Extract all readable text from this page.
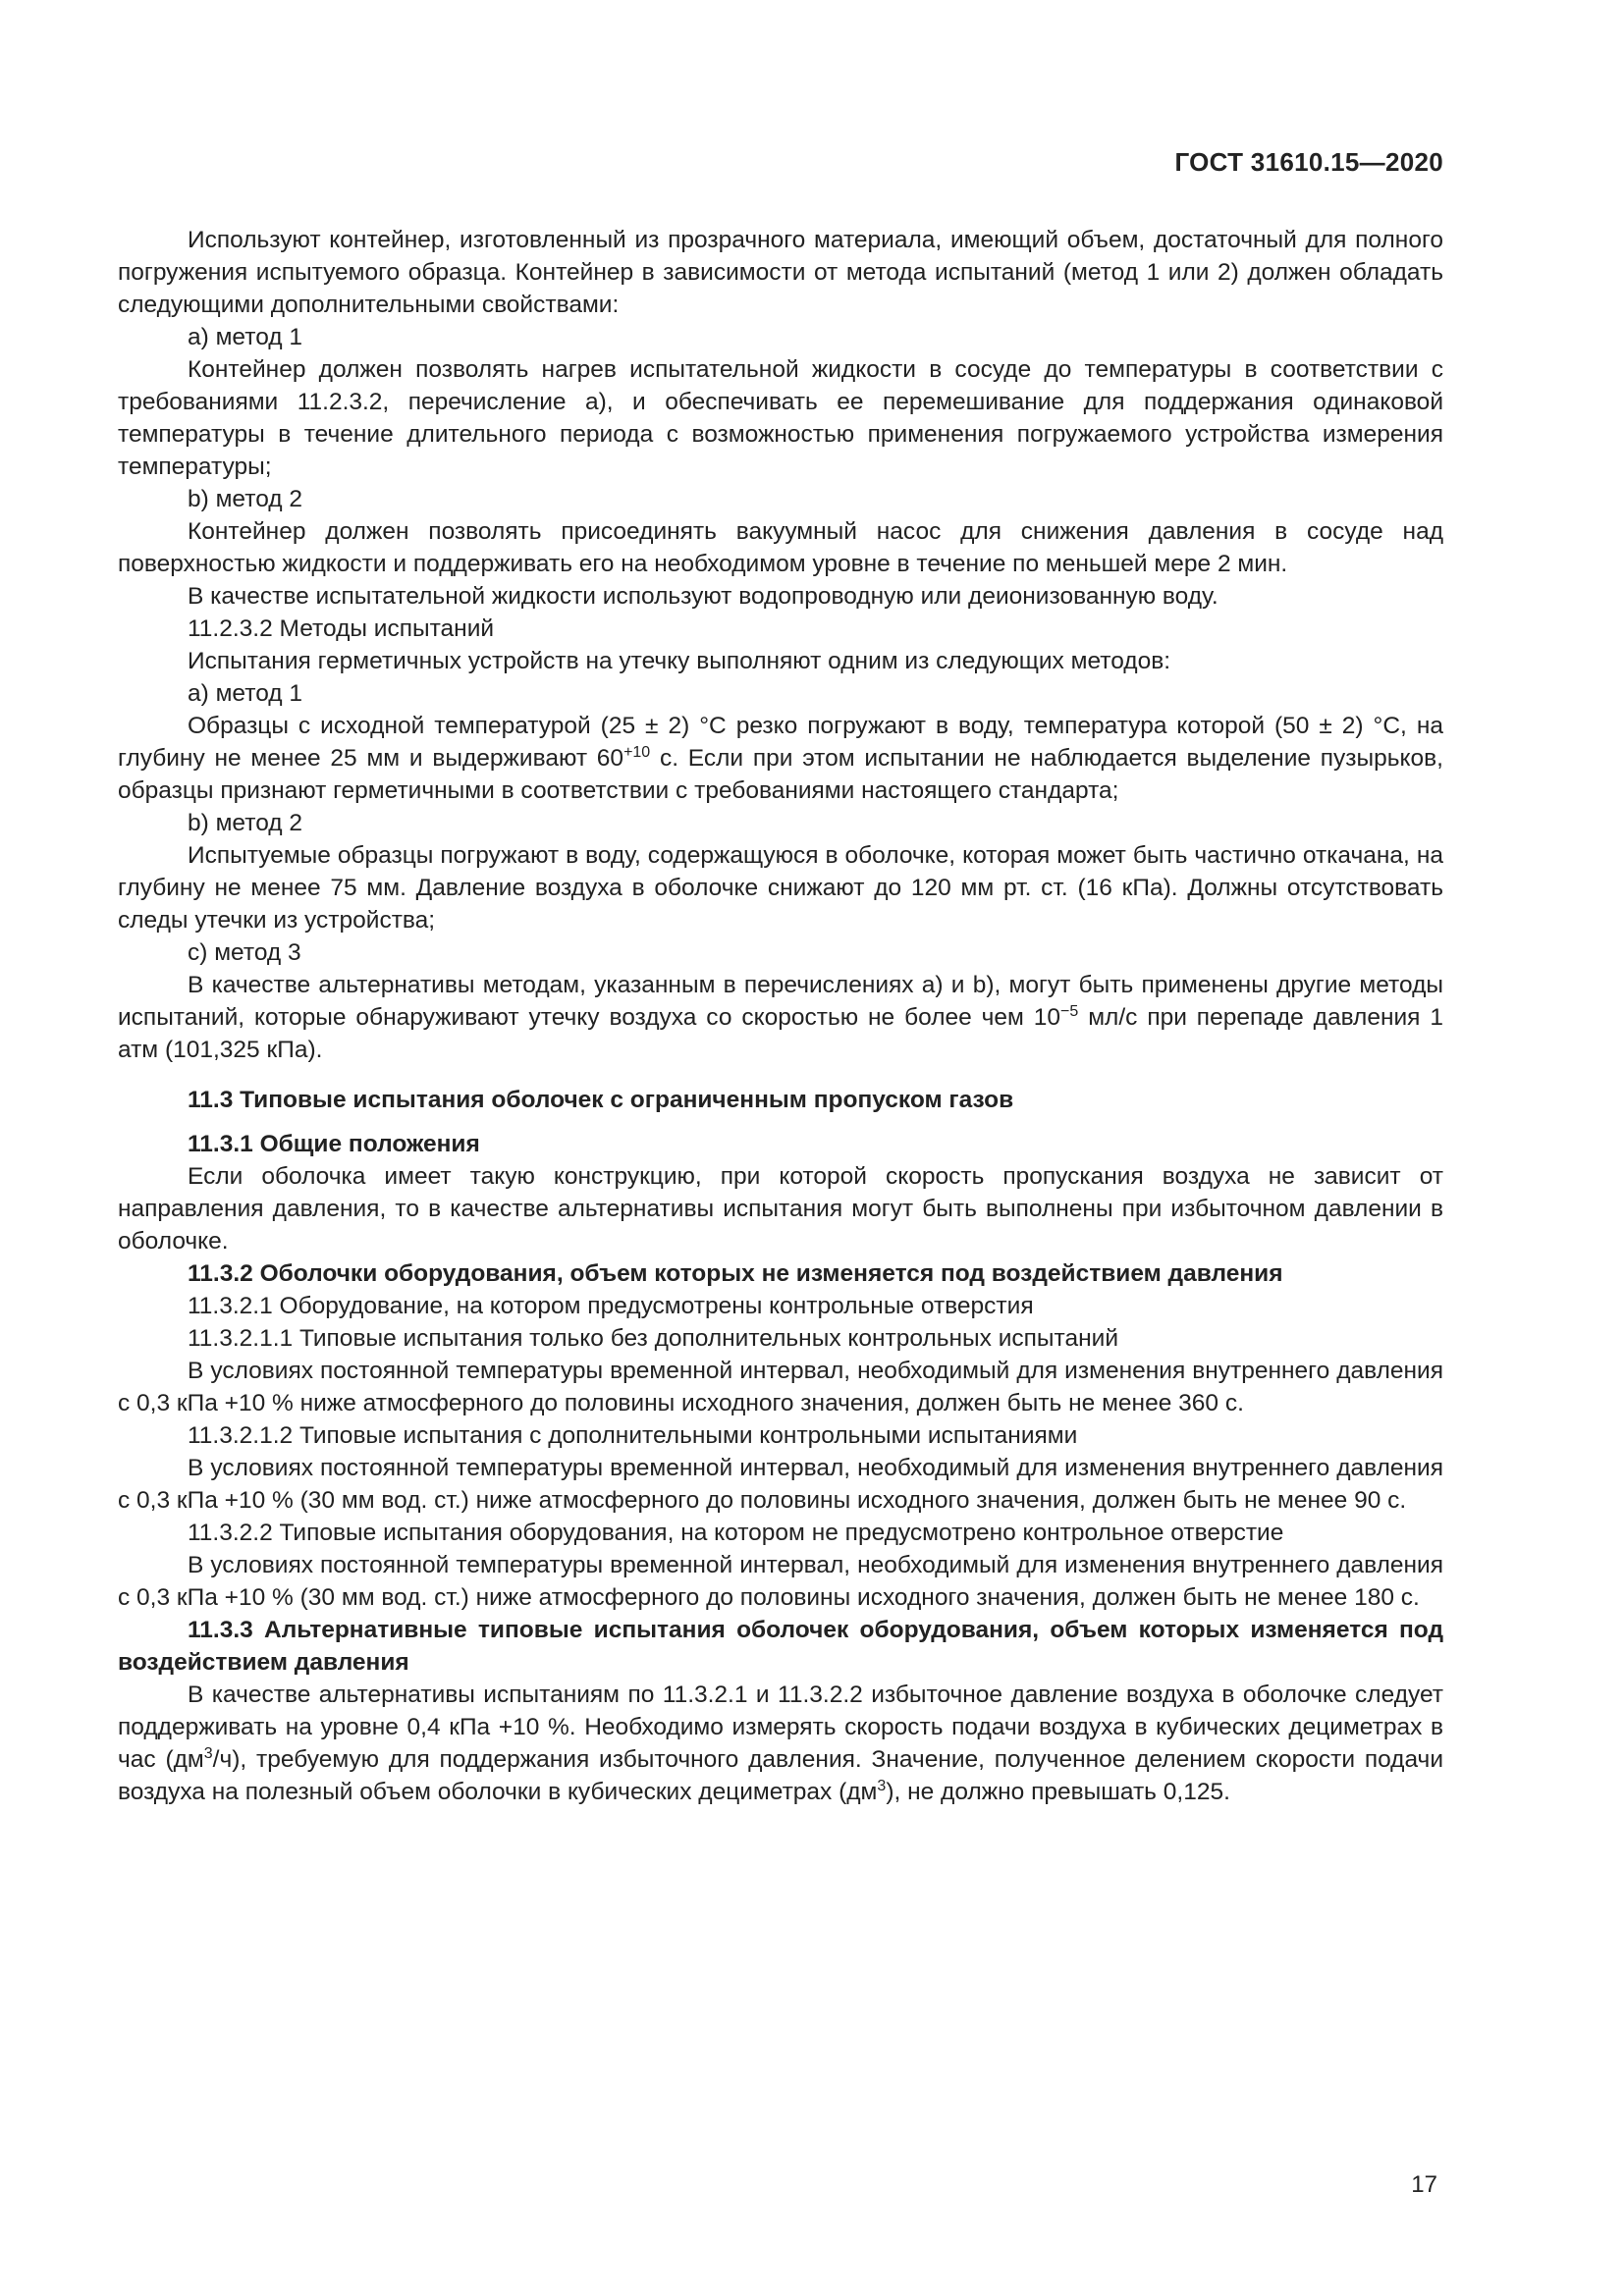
ГОСТ 31610.15—2020

Используют контейнер, изготовленный из прозрачного материала, имеющий объем, достаточный для полного погружения испытуемого образца. Контейнер в зависимости от метода испытаний (метод 1 или 2) должен обладать следующими дополнительными свойствами:

a) метод 1

Контейнер должен позволять нагрев испытательной жидкости в сосуде до температуры в соответствии с требованиями 11.2.3.2, перечисление а), и обеспечивать ее перемешивание для поддержания одинаковой температуры в течение длительного периода с возможностью применения погружаемого устройства измерения температуры;

b) метод 2

Контейнер должен позволять присоединять вакуумный насос для снижения давления в сосуде над поверхностью жидкости и поддерживать его на необходимом уровне в течение по меньшей мере 2 мин.

В качестве испытательной жидкости используют водопроводную или деионизованную воду.

11.2.3.2 Методы испытаний

Испытания герметичных устройств на утечку выполняют одним из следующих методов:

а) метод 1

Образцы с исходной температурой (25 ± 2) °С резко погружают в воду, температура которой (50 ± 2) °С, на глубину не менее 25 мм и выдерживают $60^{+10}$ с. Если при этом испытании не наблюдается выделение пузырьков, образцы признают герметичными в соответствии с требованиями настоящего стандарта;

b) метод 2

Испытуемые образцы погружают в воду, содержащуюся в оболочке, которая может быть частично откачана, на глубину не менее 75 мм. Давление воздуха в оболочке снижают до 120 мм рт. ст. (16 кПа). Должны отсутствовать следы утечки из устройства;

с) метод 3

В качестве альтернативы методам, указанным в перечислениях а) и b), могут быть применены другие методы испытаний, которые обнаруживают утечку воздуха со скоростью не более чем $10^{-5}$ мл/с при перепаде давления 1 атм (101,325 кПа).

11.3 Типовые испытания оболочек с ограниченным пропуском газов

11.3.1 Общие положения

Если оболочка имеет такую конструкцию, при которой скорость пропускания воздуха не зависит от направления давления, то в качестве альтернативы испытания могут быть выполнены при избыточном давлении в оболочке.

11.3.2 Оболочки оборудования, объем которых не изменяется под воздействием давления

11.3.2.1 Оборудование, на котором предусмотрены контрольные отверстия

11.3.2.1.1 Типовые испытания только без дополнительных контрольных испытаний

В условиях постоянной температуры временной интервал, необходимый для изменения внутреннего давления с 0,3 кПа +10 % ниже атмосферного до половины исходного значения, должен быть не менее 360 с.

11.3.2.1.2 Типовые испытания с дополнительными контрольными испытаниями

В условиях постоянной температуры временной интервал, необходимый для изменения внутреннего давления с 0,3 кПа +10 % (30 мм вод. ст.) ниже атмосферного до половины исходного значения, должен быть не менее 90 с.

11.3.2.2 Типовые испытания оборудования, на котором не предусмотрено контрольное отверстие

В условиях постоянной температуры временной интервал, необходимый для изменения внутреннего давления с 0,3 кПа +10 % (30 мм вод. ст.) ниже атмосферного до половины исходного значения, должен быть не менее 180 с.

11.3.3 Альтернативные типовые испытания оболочек оборудования, объем которых изменяется под воздействием давления

В качестве альтернативы испытаниям по 11.3.2.1 и 11.3.2.2 избыточное давление воздуха в оболочке следует поддерживать на уровне 0,4 кПа +10 %. Необходимо измерять скорость подачи воздуха в кубических дециметрах в час $(дм^3/ч)$, требуемую для поддержания избыточного давления. Значение, полученное делением скорости подачи воздуха на полезный объем оболочки в кубических дециметрах $(дм^3)$, не должно превышать 0,125.

17
